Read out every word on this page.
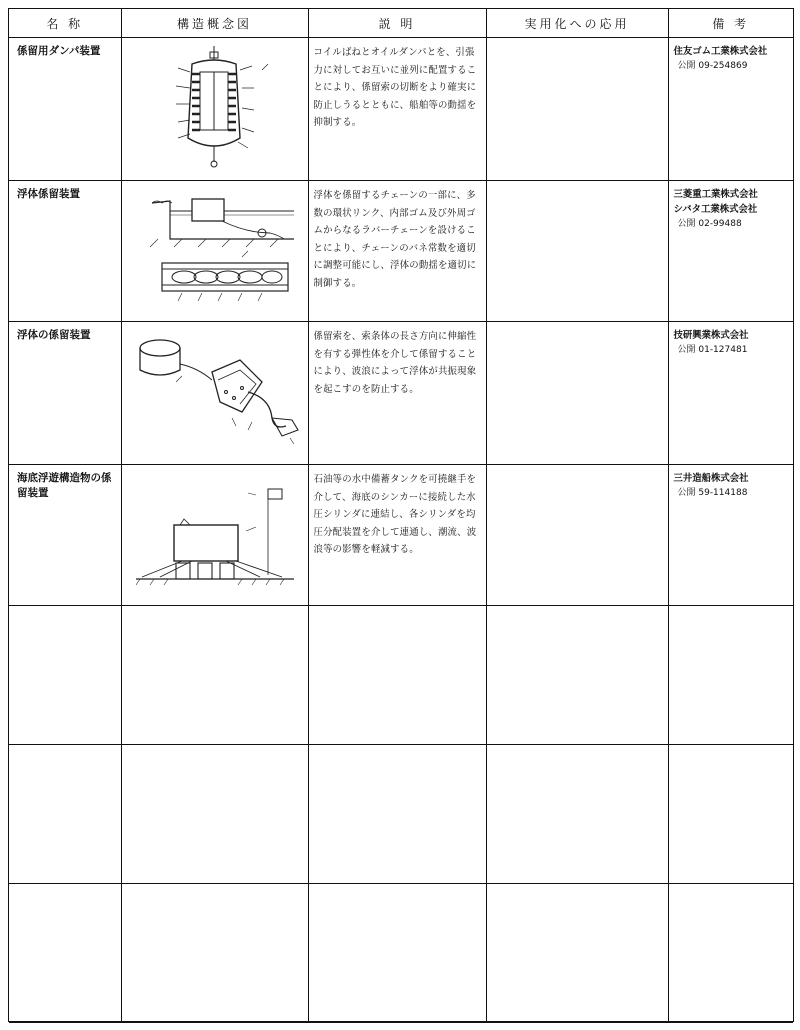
名 称	構造概念図	説 明	実用化への応用	備 考
係留用ダンパ装置		コイルばねとオイルダンパとを、引張力に対してお互いに並列に配置することにより、係留索の切断をより確実に防止しうるとともに、船舶等の動揺を抑制する。		住友ゴム工業株式会社
公開 09-254869

浮体係留装置		浮体を係留するチェーンの一部に、多数の環状リンク、内部ゴム及び外周ゴムからなるラバーチェーンを設けることにより、チェーンのバネ常数を適切に調整可能にし、浮体の動揺を適切に制御する。		三菱重工業株式会社
シバタ工業株式会社
公開 02-99488

浮体の係留装置		係留索を、索条体の長さ方向に伸縮性を有する弾性体を介して係留することにより、波浪によって浮体が共振現象を起こすのを防止する。		技研興業株式会社
公開 01-127481

海底浮遊構造物の係留装置		石油等の水中備蓄タンクを可撓継手を介して、海底のシンカーに接続した水圧シリンダに連結し、各シリンダを均圧分配装置を介して連通し、潮流、波浪等の影響を軽減する。		三井造船株式会社
公開 59-114188
